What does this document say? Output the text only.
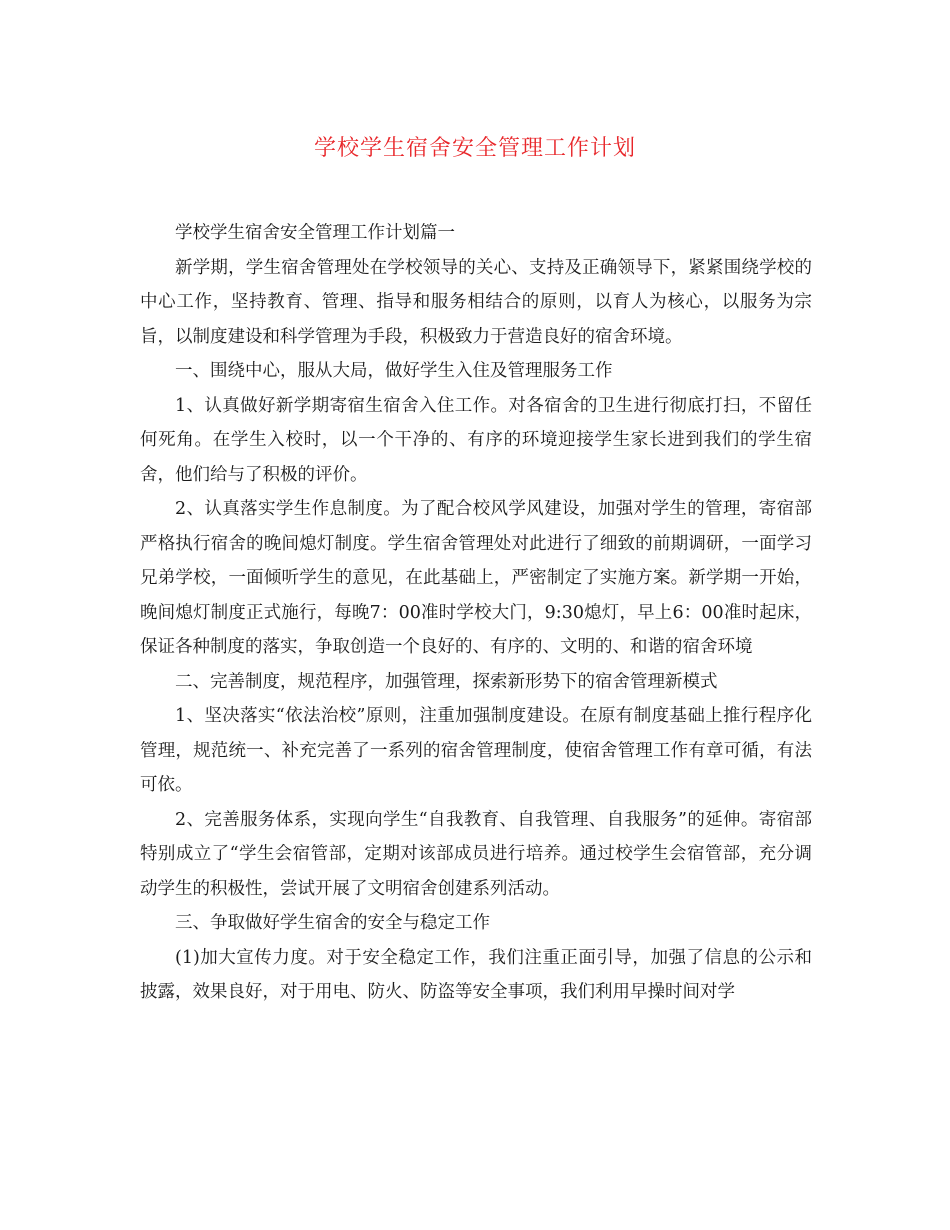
学校学生宿舍安全管理工作计划

学校学生宿舍安全管理工作计划篇一

新学期，学生宿舍管理处在学校领导的关心、支持及正确领导下，紧紧围绕学校的中心工作，坚持教育、管理、指导和服务相结合的原则，以育人为核心，以服务为宗旨，以制度建设和科学管理为手段，积极致力于营造良好的宿舍环境。

一、围绕中心，服从大局，做好学生入住及管理服务工作

1、认真做好新学期寄宿生宿舍入住工作。对各宿舍的卫生进行彻底打扫，不留任何死角。在学生入校时，以一个干净的、有序的环境迎接学生家长进到我们的学生宿舍，他们给与了积极的评价。

2、认真落实学生作息制度。为了配合校风学风建设，加强对学生的管理，寄宿部严格执行宿舍的晚间熄灯制度。学生宿舍管理处对此进行了细致的前期调研，一面学习兄弟学校，一面倾听学生的意见，在此基础上，严密制定了实施方案。新学期一开始，晚间熄灯制度正式施行，每晚7：00准时学校大门，9:30熄灯，早上6：00准时起床，保证各种制度的落实，争取创造一个良好的、有序的、文明的、和谐的宿舍环境

二、完善制度，规范程序，加强管理，探索新形势下的宿舍管理新模式

1、坚决落实“依法治校”原则，注重加强制度建设。在原有制度基础上推行程序化管理，规范统一、补充完善了一系列的宿舍管理制度，使宿舍管理工作有章可循，有法可依。

2、完善服务体系，实现向学生“自我教育、自我管理、自我服务”的延伸。寄宿部特别成立了“学生会宿管部，定期对该部成员进行培养。通过校学生会宿管部，充分调动学生的积极性，尝试开展了文明宿舍创建系列活动。

三、争取做好学生宿舍的安全与稳定工作

(1)加大宣传力度。对于安全稳定工作，我们注重正面引导，加强了信息的公示和披露，效果良好，对于用电、防火、防盗等安全事项，我们利用早操时间对学
